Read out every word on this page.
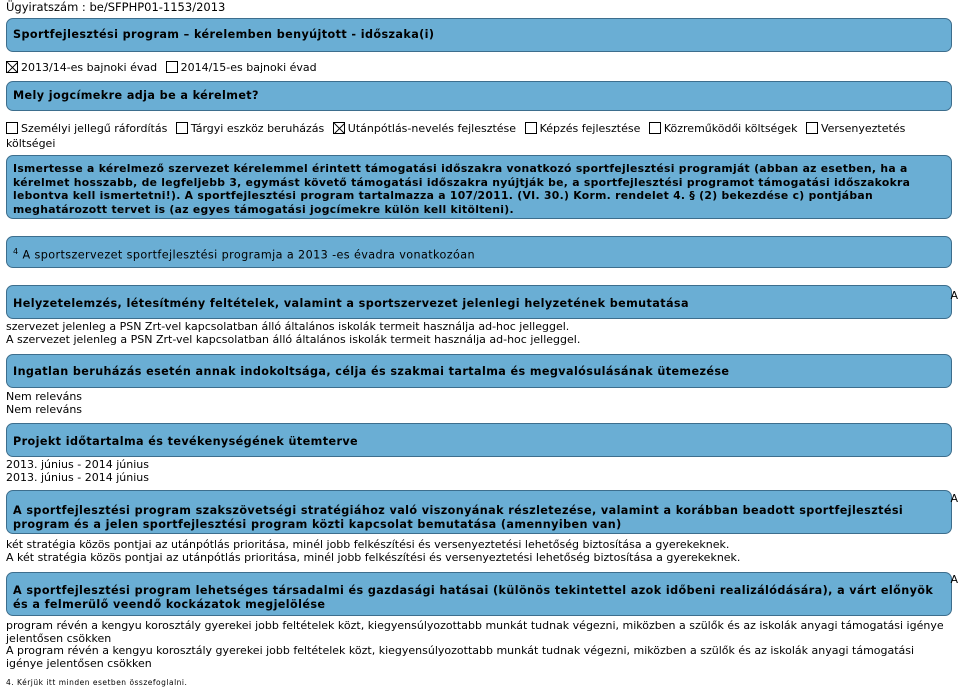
Ügyiratszám : be/SFPHP01-1153/2013
Sportfejlesztési program – kérelemben benyújtott - időszaka(i)
2013/14-es bajnoki évad 2014/15-es bajnoki évad
Mely jogcímekre adja be a kérelmet?
Személyi jellegű ráfordítás Tárgyi eszköz beruházás Utánpótlás-nevelés fejlesztése Képzés fejlesztése Közreműködői költségek Versenyeztetés
költségei
Ismertesse a kérelmező szervezet kérelemmel érintett támogatási időszakra vonatkozó sportfejlesztési programját (abban az esetben, ha a kérelmet hosszabb, de legfeljebb 3, egymást követő támogatási időszakra nyújtják be, a sportfejlesztési programot támogatási időszakokra lebontva kell ismertetni!). A sportfejlesztési program tartalmazza a 107/2011. (VI. 30.) Korm. rendelet 4. § (2) bekezdése c) pontjában meghatározott tervet is (az egyes támogatási jogcímekre külön kell kitölteni).
$^4$ A sportszervezet sportfejlesztési programja a 2013 -es évadra vonatkozóan
Helyzetelemzés, létesítmény feltételek, valamint a sportszervezet jelenlegi helyzetének bemutatása
A
szervezet jelenleg a PSN Zrt-vel kapcsolatban álló általános iskolák termeit használja ad-hoc jelleggel.
A szervezet jelenleg a PSN Zrt-vel kapcsolatban álló általános iskolák termeit használja ad-hoc jelleggel.
Ingatlan beruházás esetén annak indokoltsága, célja és szakmai tartalma és megvalósulásának ütemezése
Nem releváns
Nem releváns
Projekt időtartalma és tevékenységének ütemterve
2013. június - 2014 június
2013. június - 2014 június
A sportfejlesztési program szakszövetségi stratégiához való viszonyának részletezése, valamint a korábban beadott sportfejlesztési program és a jelen sportfejlesztési program közti kapcsolat bemutatása (amennyiben van)
A
két stratégia közös pontjai az utánpótlás prioritása, minél jobb felkészítési és versenyeztetési lehetőség biztosítása a gyerekeknek.
A két stratégia közös pontjai az utánpótlás prioritása, minél jobb felkészítési és versenyeztetési lehetőség biztosítása a gyerekeknek.
A sportfejlesztési program lehetséges társadalmi és gazdasági hatásai (különös tekintettel azok időbeni realizálódására), a várt előnyök és a felmerülő veendő kockázatok megjelölése
A
program révén a kengyu korosztály gyerekei jobb feltételek közt, kiegyensúlyozottabb munkát tudnak végezni, miközben a szülők és az iskolák anyagi támogatási igénye jelentősen csökken
A program révén a kengyu korosztály gyerekei jobb feltételek közt, kiegyensúlyozottabb munkát tudnak végezni, miközben a szülők és az iskolák anyagi támogatási igénye jelentősen csökken
4. Kérjük itt minden esetben összefoglalni.
